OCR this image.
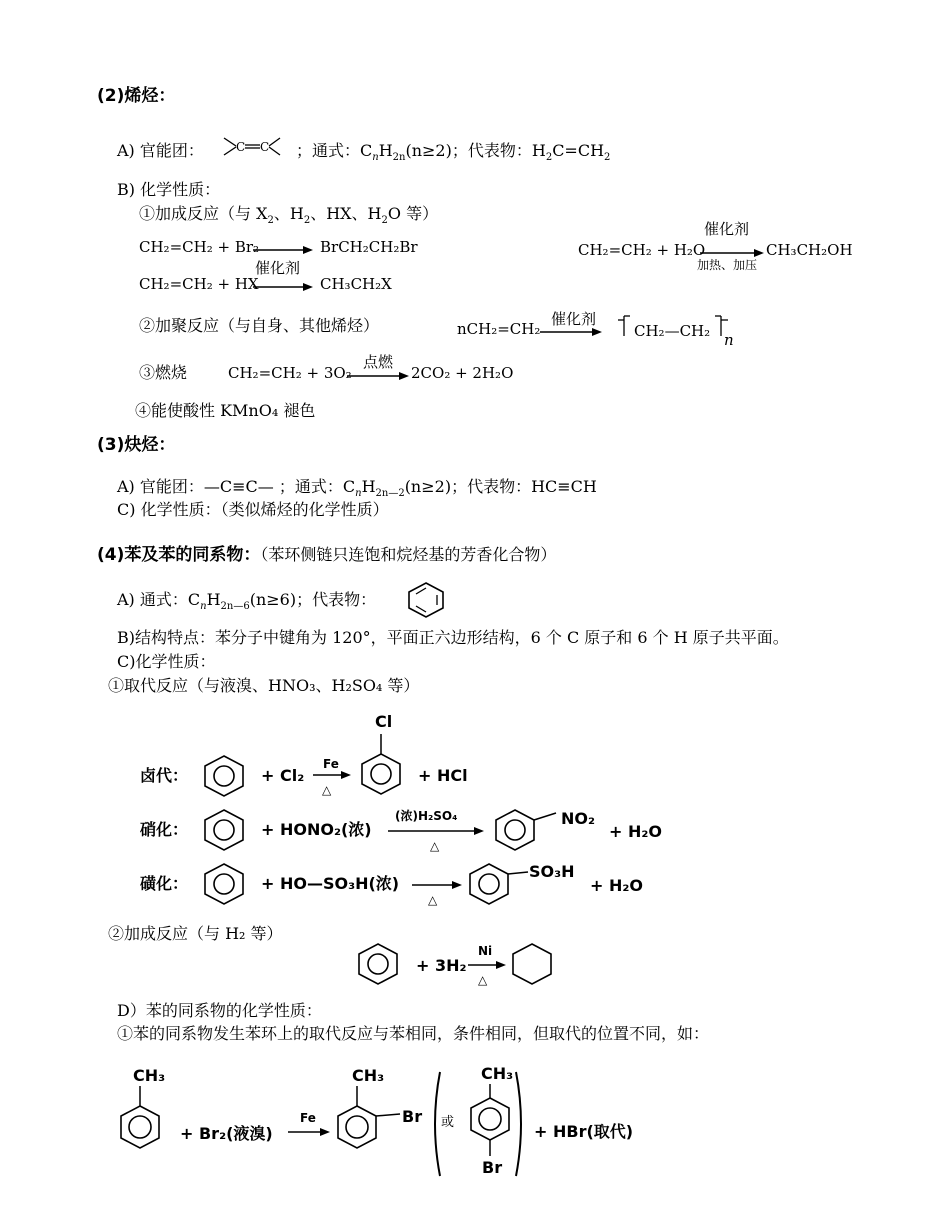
(2)烯烃：
A) 官能团：	C C ；通式：$C_nH_{2n}(n\ge 2)$；代表物：$H_2C=CH_2$
B) 化学性质：
①加成反应（与 $X_2$、$H_2$、HX、$H_2O$ 等）
CH₂=CH₂ + Br₂	BrCH₂CH₂Br	CH₂=CH₂ + H₂O
催化剂
加热、加压
CH₃CH₂OH
催化剂
CH₂=CH₂ + HX	CH₃CH₂X
②加聚反应（与自身、其他烯烃）	nCH₂=CH₂
催化剂
CH₂—CH₂ n
③燃烧	CH₂=CH₂ + 3O₂
点燃
2CO₂ + 2H₂O
④能使酸性 KMnO₄ 褪色
(3)炔烃：
A) 官能团：—C≡C— ；通式：$C_nH_{2n—2}(n\ge 2)$；代表物：HC≡CH
C) 化学性质：（类似烯烃的化学性质）
(4)苯及苯的同系物：（苯环侧链只连饱和烷烃基的芳香化合物）
A) 通式：$C_nH_{2n—6}(n\ge 6)$；代表物：
B)结构特点：苯分子中键角为 120°，平面正六边形结构，6 个 C 原子和 6 个 H 原子共平面。
C)化学性质：
①取代反应（与液溴、HNO₃、H₂SO₄ 等）
卤代：	+ Cl₂
Fe
△
Cl
+ HCl
硝化：	+ HONO₂(浓)
(浓)H₂SO₄
△
NO₂
+ H₂O
磺化：	+ HO—SO₃H(浓)
△
SO₃H
+ H₂O
②加成反应（与 H₂ 等）
+ 3H₂
Ni
△
D）苯的同系物的化学性质：
①苯的同系物发生苯环上的取代反应与苯相同，条件相同，但取代的位置不同，如：
CH₃
+ Br₂(液溴)
Fe
CH₃
Br 或
CH₃
Br
+ HBr(取代)
